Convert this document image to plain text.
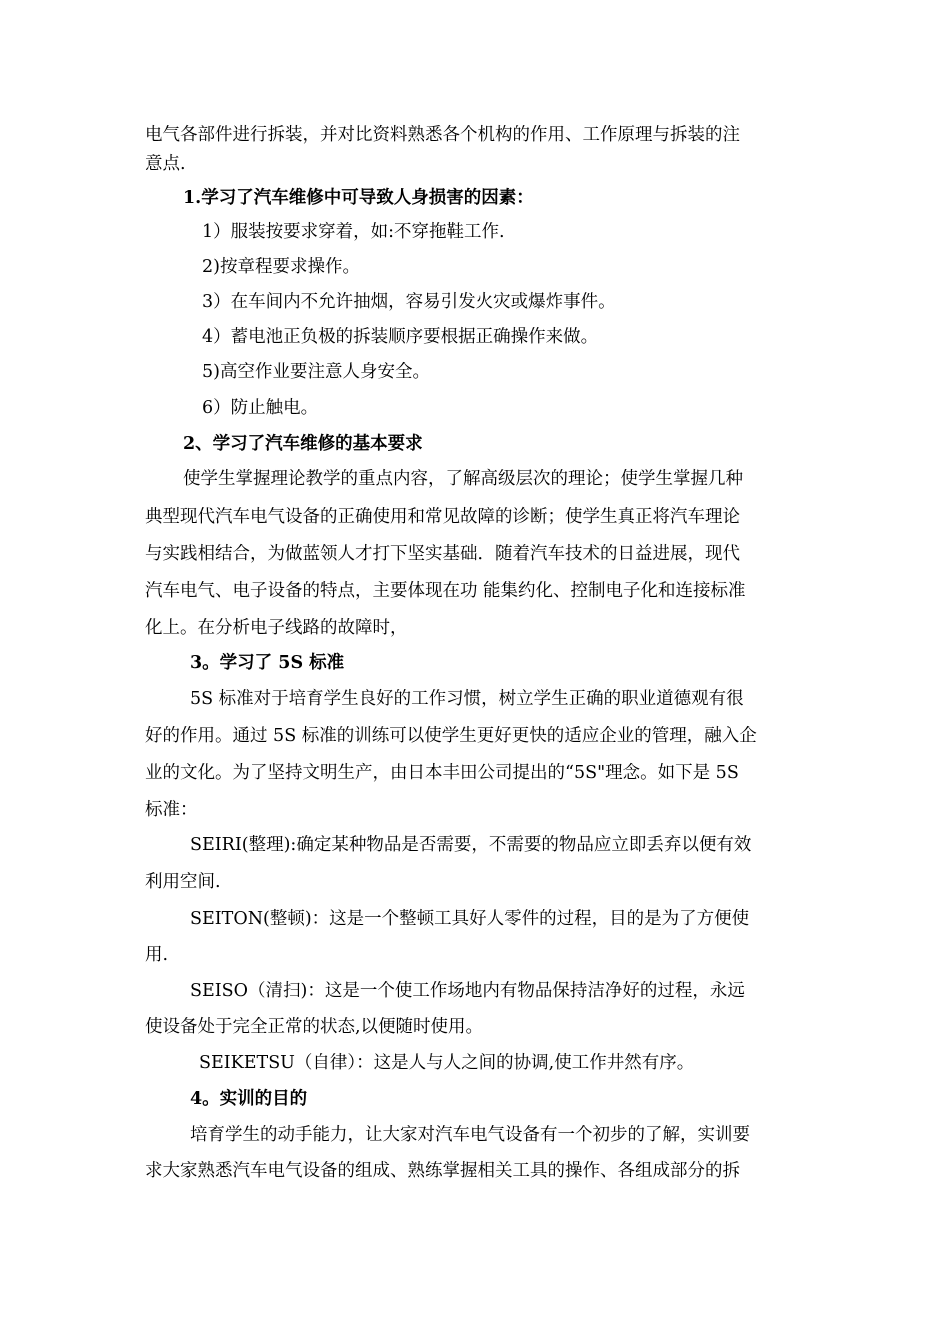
电气各部件进行拆装，并对比资料熟悉各个机构的作用、工作原理与拆装的注
意点.
1.学习了汽车维修中可导致人身损害的因素：
1）服装按要求穿着，如:不穿拖鞋工作.
2)按章程要求操作。
3）在车间内不允许抽烟，容易引发火灾或爆炸事件。
4）蓄电池正负极的拆装顺序要根据正确操作来做。
5)高空作业要注意人身安全。
6）防止触电。
2、学习了汽车维修的基本要求
使学生掌握理论教学的重点内容，了解高级层次的理论；使学生掌握几种
典型现代汽车电气设备的正确使用和常见故障的诊断；使学生真正将汽车理论
与实践相结合，为做蓝领人才打下坚实基础．随着汽车技术的日益进展，现代
汽车电气、电子设备的特点，主要体现在功 能集约化、控制电子化和连接标准
化上。在分析电子线路的故障时，
3。学习了 5S 标准
5S 标准对于培育学生良好的工作习惯，树立学生正确的职业道德观有很
好的作用。通过 5S 标准的训练可以使学生更好更快的适应企业的管理，融入企
业的文化。为了坚持文明生产，由日本丰田公司提出的“5S"理念。如下是 5S
标准：
SEIRI(整理):确定某种物品是否需要，不需要的物品应立即丢弃以便有效
利用空间.
SEITON(整顿)：这是一个整顿工具好人零件的过程，目的是为了方便使
用.
SEISO（清扫)：这是一个使工作场地内有物品保持洁净好的过程，永远
使设备处于完全正常的状态,以便随时使用。
SEIKETSU（自律）：这是人与人之间的协调,使工作井然有序。
4。实训的目的
培育学生的动手能力，让大家对汽车电气设备有一个初步的了解，实训要
求大家熟悉汽车电气设备的组成、熟练掌握相关工具的操作、各组成部分的拆
